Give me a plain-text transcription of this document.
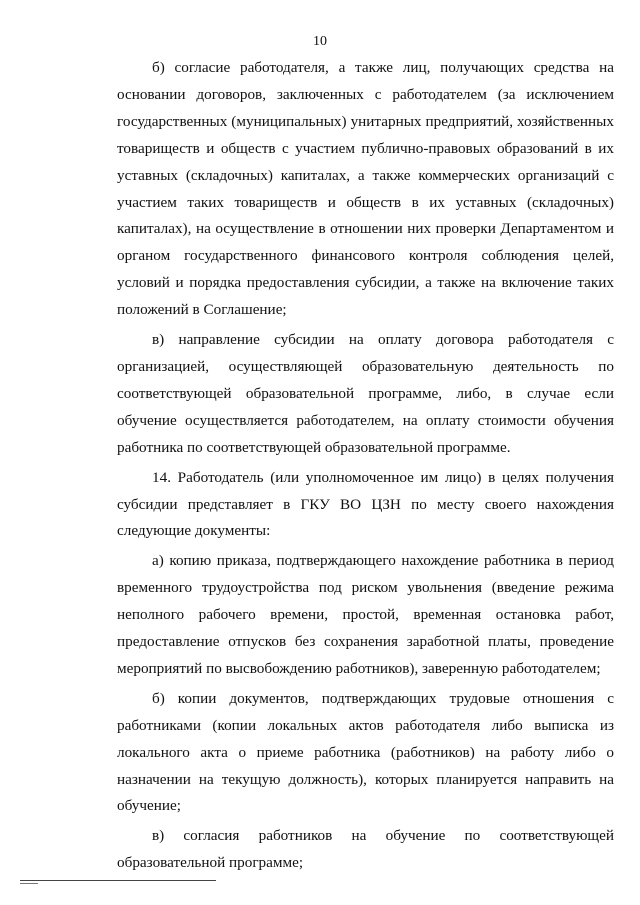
10

б) согласие работодателя, а также лиц, получающих средства на основании договоров, заключенных с работодателем (за исключением государственных (муниципальных) унитарных предприятий, хозяйственных товариществ и обществ с участием публично-правовых образований в их уставных (складочных) капиталах, а также коммерческих организаций с участием таких товариществ и обществ в их уставных (складочных) капиталах), на осуществление в отношении них проверки Департаментом и органом государственного финансового контроля соблюдения целей, условий и порядка предоставления субсидии, а также на включение таких положений в Соглашение;

в) направление субсидии на оплату договора работодателя с организацией, осуществляющей образовательную деятельность по соответствующей образовательной программе, либо, в случае если обучение осуществляется работодателем, на оплату стоимости обучения работника по соответствующей образовательной программе.

14. Работодатель (или уполномоченное им лицо) в целях получения субсидии представляет в ГКУ ВО ЦЗН по месту своего нахождения следующие документы:

а) копию приказа, подтверждающего нахождение работника в период временного трудоустройства под риском увольнения (введение режима неполного рабочего времени, простой, временная остановка работ, предоставление отпусков без сохранения заработной платы, проведение мероприятий по высвобождению работников), заверенную работодателем;

б) копии документов, подтверждающих трудовые отношения с работниками (копии локальных актов работодателя либо выписка из локального акта о приеме работника (работников) на работу либо о назначении на текущую должность), которых планируется направить на обучение;

в) согласия работников на обучение по соответствующей образовательной программе;
